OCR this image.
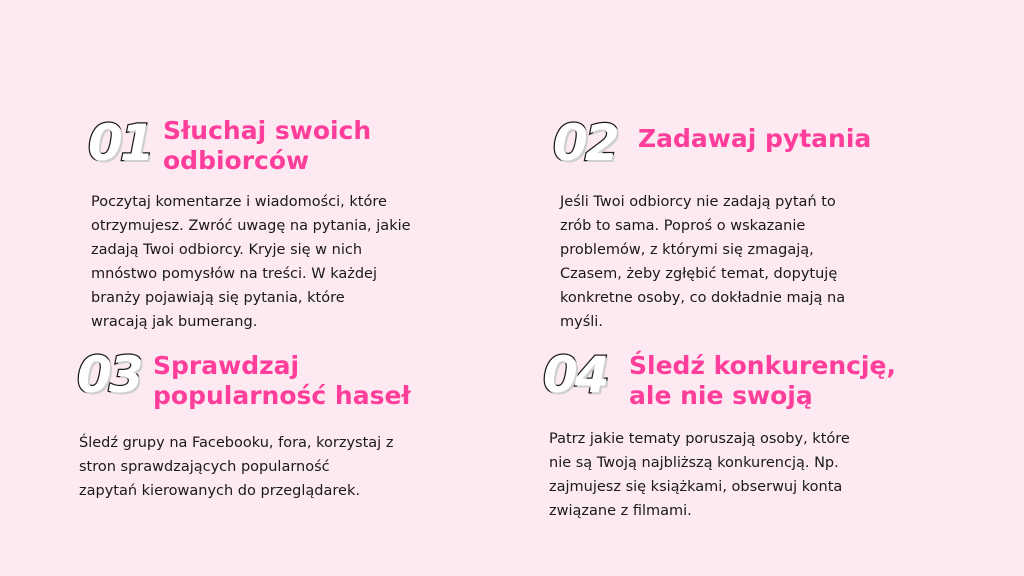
01 Słuchaj swoich
odbiorców
Poczytaj komentarze i wiadomości, które
otrzymujesz. Zwróć uwagę na pytania, jakie
zadają Twoi odbiorcy. Kryje się w nich
mnóstwo pomysłów na treści. W każdej
branży pojawiają się pytania, które
wracają jak bumerang.
02 Zadawaj pytania
Jeśli Twoi odbiorcy nie zadają pytań to
zrób to sama. Poproś o wskazanie
problemów, z którymi się zmagają,
Czasem, żeby zgłębić temat, dopytuję
konkretne osoby, co dokładnie mają na
myśli.
03 Sprawdzaj
popularność haseł
Śledź grupy na Facebooku, fora, korzystaj z
stron sprawdzających popularność
zapytań kierowanych do przeglądarek.
04 Śledź konkurencję,
ale nie swoją
Patrz jakie tematy poruszają osoby, które
nie są Twoją najbliższą konkurencją. Np.
zajmujesz się książkami, obserwuj konta
związane z filmami.
